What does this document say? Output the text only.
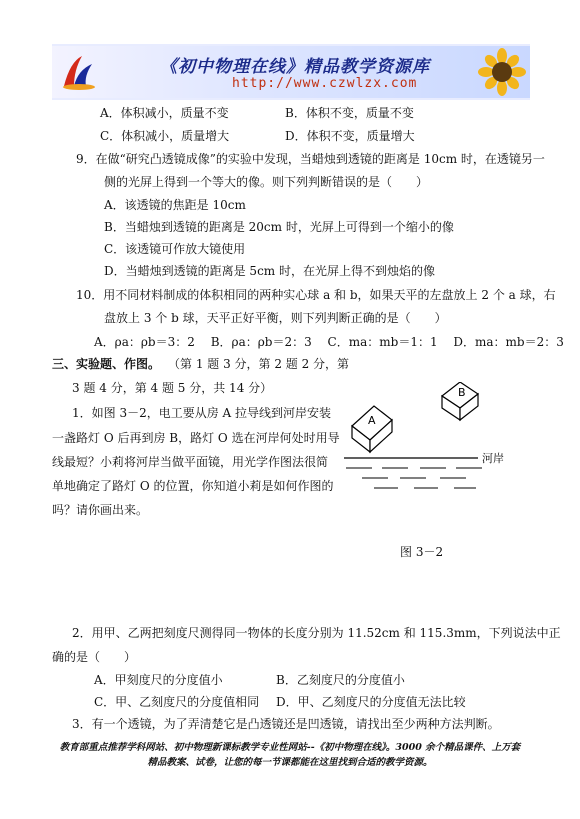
《初中物理在线》精品教学资源库
http://www.czwlzx.com
A．体积减小，质量不变	B．体积不变，质量不变
C．体积减小，质量增大	D．体积不变，质量增大
9．在做“研究凸透镜成像”的实验中发现，当蜡烛到透镜的距离是 10cm 时，在透镜另一
侧的光屏上得到一个等大的像。则下列判断错误的是（　　）
A．该透镜的焦距是 10cm
B．当蜡烛到透镜的距离是 20cm 时，光屏上可得到一个缩小的像
C．该透镜可作放大镜使用
D．当蜡烛到透镜的距离是 5cm 时，在光屏上得不到烛焰的像
10．用不同材料制成的体积相同的两种实心球 a 和 b，如果天平的左盘放上 2 个 a 球，右
盘放上 3 个 b 球，天平正好平衡，则下列判断正确的是（　　）
A．ρa：ρb＝3：2　 B．ρa：ρb＝2：3　 C．ma：mb＝1：1　 D．ma：mb＝2：3
三、实验题、作图。 （第 1 题 3 分，第 2 题 2 分，第
3 题 4 分，第 4 题 5 分，共 14 分）
1．如图 3－2，电工要从房 A 拉导线到河岸安装
一盏路灯 O 后再到房 B，路灯 O 选在河岸何处时用导
线最短？小莉将河岸当做平面镜，用光学作图法很简
单地确定了路灯 O 的位置，你知道小莉是如何作图的
吗？请你画出来。
A
B
河岸
图 3－2
2．用甲、乙两把刻度尺测得同一物体的长度分别为 11.52cm 和 115.3mm，下列说法中正
确的是（　　）
A．甲刻度尺的分度值小	B．乙刻度尺的分度值小
C．甲、乙刻度尺的分度值相同 D．甲、乙刻度尺的分度值无法比较
3．有一个透镜，为了弄清楚它是凸透镜还是凹透镜，请找出至少两种方法判断。
教育部重点推荐学科网站、初中物理新课标教学专业性网站--《初中物理在线》。3000 余个精品课件、上万套
精品教案、试卷，让您的每一节课都能在这里找到合适的教学资源。
